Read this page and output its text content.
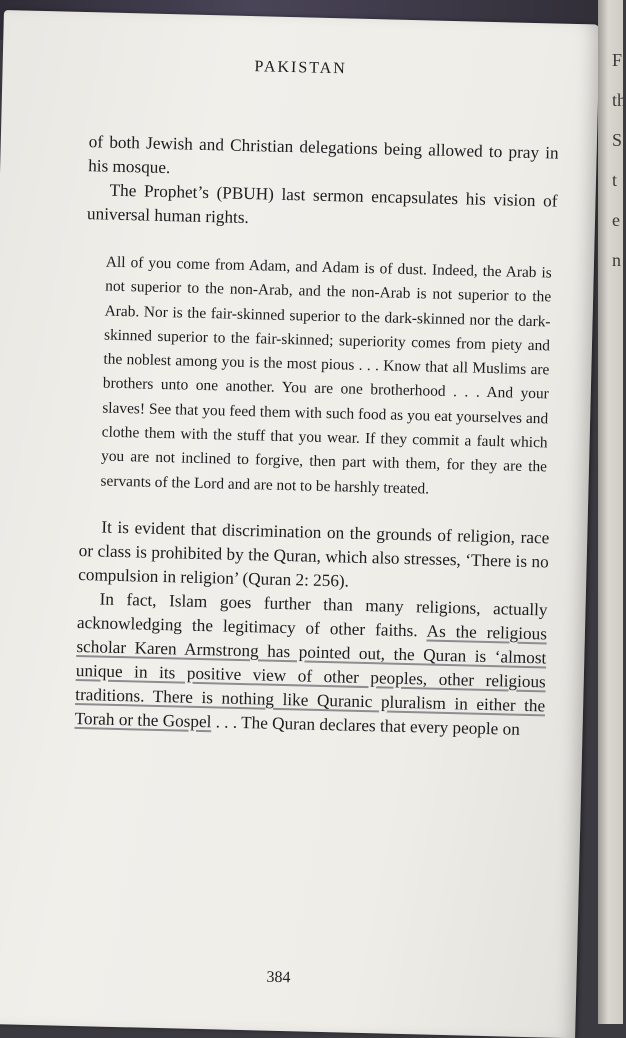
PAKISTAN

of both Jewish and Christian delegations being allowed to pray in his mosque.

The Prophet’s (PBUH) last sermon encapsulates his vision of universal human rights.

All of you come from Adam, and Adam is of dust. Indeed, the Arab is not superior to the non-Arab, and the non-Arab is not superior to the Arab. Nor is the fair-skinned superior to the dark-skinned nor the dark-skinned superior to the fair-skinned; superiority comes from piety and the noblest among you is the most pious . . . Know that all Muslims are brothers unto one another. You are one brotherhood . . . And your slaves! See that you feed them with such food as you eat yourselves and clothe them with the stuff that you wear. If they commit a fault which you are not inclined to forgive, then part with them, for they are the servants of the Lord and are not to be harshly treated.

It is evident that discrimination on the grounds of religion, race or class is prohibited by the Quran, which also stresses, ‘There is no compulsion in religion’ (Quran 2: 256).

In fact, Islam goes further than many religions, actually acknowledging the legitimacy of other faiths. As the religious scholar Karen Armstrong has pointed out, the Quran is ‘almost unique in its positive view of other peoples, other religious traditions. There is nothing like Quranic pluralism in either the Torah or the Gospel . . . The Quran declares that every people on

384
F
th
S
t
e
n
